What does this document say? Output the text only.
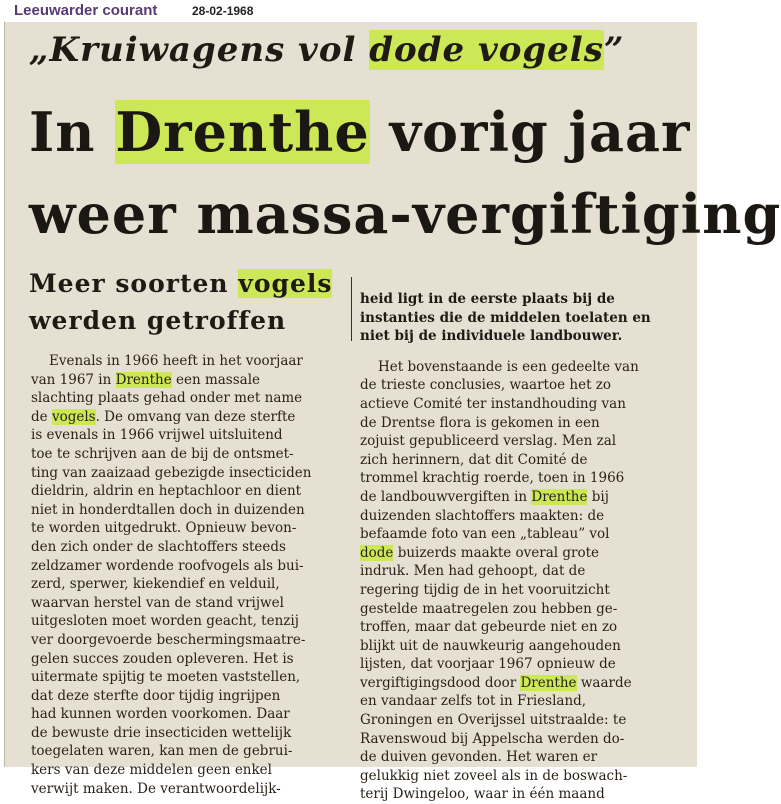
Leeuwarder courant	28-02-1968
„Kruiwagens vol dode vogels”
In Drenthe vorig jaar
weer massa-vergiftiging
Meer soorten vogels
werden getroffen
Evenals in 1966 heeft in het voorjaar
van 1967 in Drenthe een massale
slachting plaats gehad onder met name
de vogels. De omvang van deze sterfte
is evenals in 1966 vrijwel uitsluitend
toe te schrijven aan de bij de ontsmet-
ting van zaaizaad gebezigde insecticiden
dieldrin, aldrin en heptachloor en dient
niet in honderdtallen doch in duizenden
te worden uitgedrukt. Opnieuw bevon-
den zich onder de slachtoffers steeds
zeldzamer wordende roofvogels als bui-
zerd, sperwer, kiekendief en velduil,
waarvan herstel van de stand vrijwel
uitgesloten moet worden geacht, tenzij
ver doorgevoerde beschermingsmaatre-
gelen succes zouden opleveren. Het is
uitermate spijtig te moeten vaststellen,
dat deze sterfte door tijdig ingrijpen
had kunnen worden voorkomen. Daar
de bewuste drie insecticiden wettelijk
toegelaten waren, kan men de gebrui-
kers van deze middelen geen enkel
verwijt maken. De verantwoordelijk-
heid ligt in de eerste plaats bij de
instanties die de middelen toelaten en
niet bij de individuele landbouwer.
Het bovenstaande is een gedeelte van
de trieste conclusies, waartoe het zo
actieve Comité ter instandhouding van
de Drentse flora is gekomen in een
zojuist gepubliceerd verslag. Men zal
zich herinnern, dat dit Comité de
trommel krachtig roerde, toen in 1966
de landbouwvergiften in Drenthe bij
duizenden slachtoffers maakten: de
befaamde foto van een „tableau” vol
dode buizerds maakte overal grote
indruk. Men had gehoopt, dat de
regering tijdig de in het vooruitzicht
gestelde maatregelen zou hebben ge-
troffen, maar dat gebeurde niet en zo
blijkt uit de nauwkeurig aangehouden
lijsten, dat voorjaar 1967 opnieuw de
vergiftigingsdood door Drenthe waarde
en vandaar zelfs tot in Friesland,
Groningen en Overijssel uitstraalde: te
Ravenswoud bij Appelscha werden do-
de duiven gevonden. Het waren er
gelukkig niet zoveel als in de boswach-
terij Dwingeloo, waar in één maand
